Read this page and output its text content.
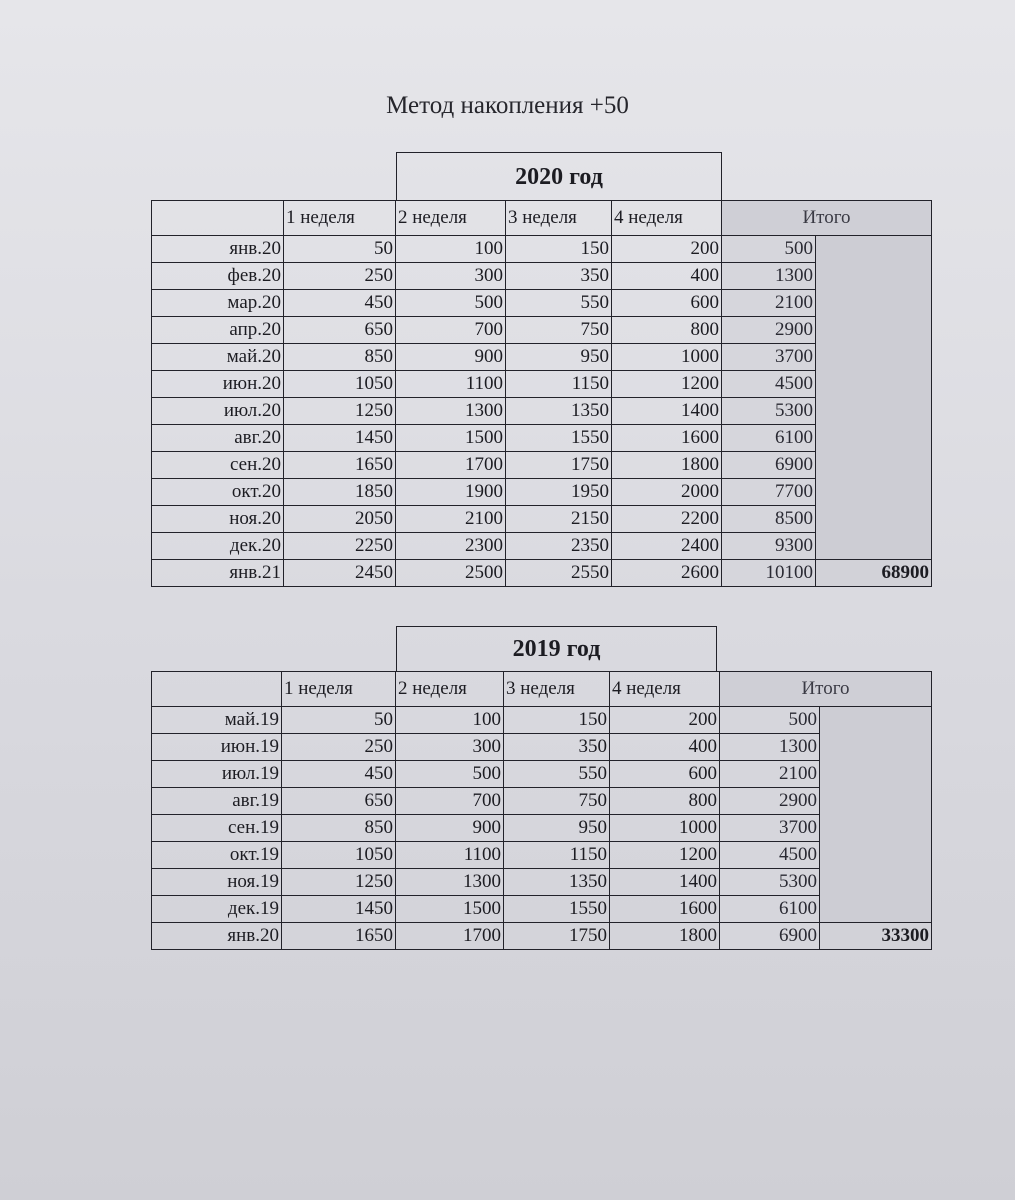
Метод накопления +50
2020 год
	1 неделя	2 неделя	3 неделя	4 неделя	Итого	
янв.20	50	100	150	200	500	
фев.20	250	300	350	400	1300	
мар.20	450	500	550	600	2100	
апр.20	650	700	750	800	2900	
май.20	850	900	950	1000	3700	
июн.20	1050	1100	1150	1200	4500	
июл.20	1250	1300	1350	1400	5300	
авг.20	1450	1500	1550	1600	6100	
сен.20	1650	1700	1750	1800	6900	
окт.20	1850	1900	1950	2000	7700	
ноя.20	2050	2100	2150	2200	8500	
дек.20	2250	2300	2350	2400	9300	
янв.21	2450	2500	2550	2600	10100	68900
2019 год
	1 неделя	2 неделя	3 неделя	4 неделя	Итого	
май.19	50	100	150	200	500	
июн.19	250	300	350	400	1300	
июл.19	450	500	550	600	2100	
авг.19	650	700	750	800	2900	
сен.19	850	900	950	1000	3700	
окт.19	1050	1100	1150	1200	4500	
ноя.19	1250	1300	1350	1400	5300	
дек.19	1450	1500	1550	1600	6100	
янв.20	1650	1700	1750	1800	6900	33300
